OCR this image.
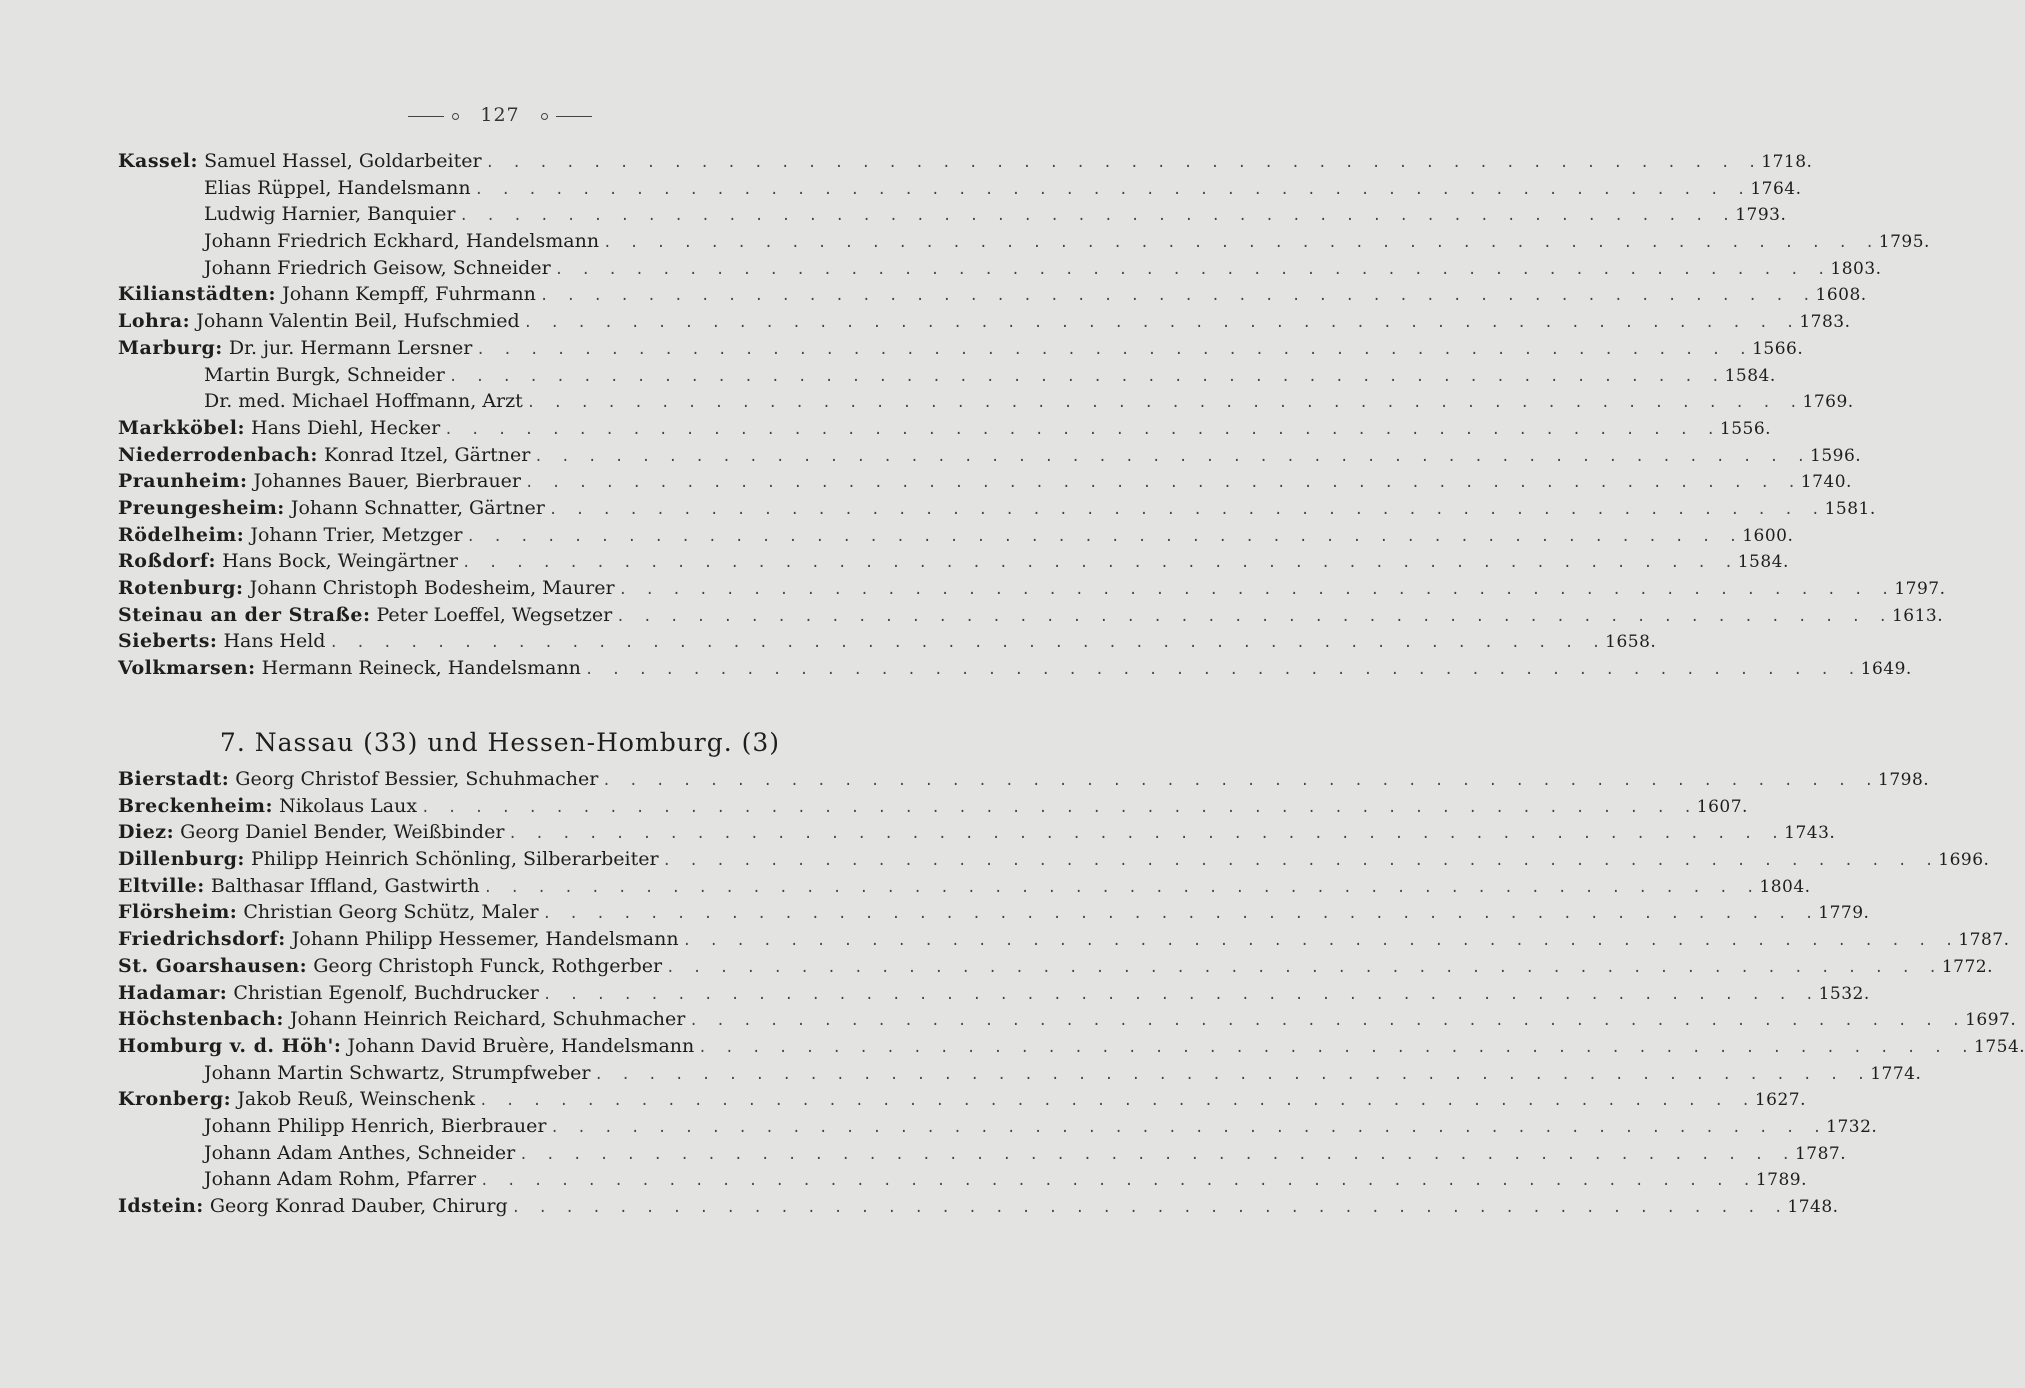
127
Kassel:
Samuel Hassel, Goldarbeiter . . . . . . . . . . . . . . . . . . . . . . . . . . . . . . . . . . . . . . . . . . . . . . . . 1718.
Elias Rüppel, Handelsmann . . . . . . . . . . . . . . . . . . . . . . . . . . . . . . . . . . . . . . . . . . . . . . . . 1764.
Ludwig Harnier, Banquier . . . . . . . . . . . . . . . . . . . . . . . . . . . . . . . . . . . . . . . . . . . . . . . . 1793.
Johann Friedrich Eckhard, Handelsmann . . . . . . . . . . . . . . . . . . . . . . . . . . . . . . . . . . . . . . . . . . . . . . . . 1795.
Johann Friedrich Geisow, Schneider . . . . . . . . . . . . . . . . . . . . . . . . . . . . . . . . . . . . . . . . . . . . . . . . 1803.
Kilianstädten:
Johann Kempff, Fuhrmann . . . . . . . . . . . . . . . . . . . . . . . . . . . . . . . . . . . . . . . . . . . . . . . . 1608.
Lohra:
Johann Valentin Beil, Hufschmied . . . . . . . . . . . . . . . . . . . . . . . . . . . . . . . . . . . . . . . . . . . . . . . . 1783.
Marburg:
Dr. jur. Hermann Lersner . . . . . . . . . . . . . . . . . . . . . . . . . . . . . . . . . . . . . . . . . . . . . . . . 1566.
Martin Burgk, Schneider . . . . . . . . . . . . . . . . . . . . . . . . . . . . . . . . . . . . . . . . . . . . . . . . 1584.
Dr. med. Michael Hoffmann, Arzt . . . . . . . . . . . . . . . . . . . . . . . . . . . . . . . . . . . . . . . . . . . . . . . . 1769.
Markköbel:
Hans Diehl, Hecker . . . . . . . . . . . . . . . . . . . . . . . . . . . . . . . . . . . . . . . . . . . . . . . . 1556.
Niederrodenbach:
Konrad Itzel, Gärtner . . . . . . . . . . . . . . . . . . . . . . . . . . . . . . . . . . . . . . . . . . . . . . . . 1596.
Praunheim:
Johannes Bauer, Bierbrauer . . . . . . . . . . . . . . . . . . . . . . . . . . . . . . . . . . . . . . . . . . . . . . . . 1740.
Preungesheim:
Johann Schnatter, Gärtner . . . . . . . . . . . . . . . . . . . . . . . . . . . . . . . . . . . . . . . . . . . . . . . . 1581.
Rödelheim:
Johann Trier, Metzger . . . . . . . . . . . . . . . . . . . . . . . . . . . . . . . . . . . . . . . . . . . . . . . . 1600.
Roßdorf:
Hans Bock, Weingärtner . . . . . . . . . . . . . . . . . . . . . . . . . . . . . . . . . . . . . . . . . . . . . . . . 1584.
Rotenburg:
Johann Christoph Bodesheim, Maurer . . . . . . . . . . . . . . . . . . . . . . . . . . . . . . . . . . . . . . . . . . . . . . . . 1797.
Steinau an der Straße:
Peter Loeffel, Wegsetzer . . . . . . . . . . . . . . . . . . . . . . . . . . . . . . . . . . . . . . . . . . . . . . . . 1613.
Sieberts:
Hans Held . . . . . . . . . . . . . . . . . . . . . . . . . . . . . . . . . . . . . . . . . . . . . . . . 1658.
Volkmarsen:
Hermann Reineck, Handelsmann . . . . . . . . . . . . . . . . . . . . . . . . . . . . . . . . . . . . . . . . . . . . . . . . 1649.
7. Nassau (33) und Hessen-Homburg. (3)
Bierstadt:
Georg Christof Bessier, Schuhmacher . . . . . . . . . . . . . . . . . . . . . . . . . . . . . . . . . . . . . . . . . . . . . . . . 1798.
Breckenheim:
Nikolaus Laux . . . . . . . . . . . . . . . . . . . . . . . . . . . . . . . . . . . . . . . . . . . . . . . . 1607.
Diez:
Georg Daniel Bender, Weißbinder . . . . . . . . . . . . . . . . . . . . . . . . . . . . . . . . . . . . . . . . . . . . . . . . 1743.
Dillenburg:
Philipp Heinrich Schönling, Silberarbeiter . . . . . . . . . . . . . . . . . . . . . . . . . . . . . . . . . . . . . . . . . . . . . . . . 1696.
Eltville:
Balthasar Iffland, Gastwirth . . . . . . . . . . . . . . . . . . . . . . . . . . . . . . . . . . . . . . . . . . . . . . . . 1804.
Flörsheim:
Christian Georg Schütz, Maler . . . . . . . . . . . . . . . . . . . . . . . . . . . . . . . . . . . . . . . . . . . . . . . . 1779.
Friedrichsdorf:
Johann Philipp Hessemer, Handelsmann . . . . . . . . . . . . . . . . . . . . . . . . . . . . . . . . . . . . . . . . . . . . . . . . 1787.
St. Goarshausen:
Georg Christoph Funck, Rothgerber . . . . . . . . . . . . . . . . . . . . . . . . . . . . . . . . . . . . . . . . . . . . . . . . 1772.
Hadamar:
Christian Egenolf, Buchdrucker . . . . . . . . . . . . . . . . . . . . . . . . . . . . . . . . . . . . . . . . . . . . . . . . 1532.
Höchstenbach:
Johann Heinrich Reichard, Schuhmacher . . . . . . . . . . . . . . . . . . . . . . . . . . . . . . . . . . . . . . . . . . . . . . . . 1697.
Homburg v. d. Höh':
Johann David Bruère, Handelsmann . . . . . . . . . . . . . . . . . . . . . . . . . . . . . . . . . . . . . . . . . . . . . . . . 1754.
Johann Martin Schwartz, Strumpfweber . . . . . . . . . . . . . . . . . . . . . . . . . . . . . . . . . . . . . . . . . . . . . . . . 1774.
Kronberg:
Jakob Reuß, Weinschenk . . . . . . . . . . . . . . . . . . . . . . . . . . . . . . . . . . . . . . . . . . . . . . . . 1627.
Johann Philipp Henrich, Bierbrauer . . . . . . . . . . . . . . . . . . . . . . . . . . . . . . . . . . . . . . . . . . . . . . . . 1732.
Johann Adam Anthes, Schneider . . . . . . . . . . . . . . . . . . . . . . . . . . . . . . . . . . . . . . . . . . . . . . . . 1787.
Johann Adam Rohm, Pfarrer . . . . . . . . . . . . . . . . . . . . . . . . . . . . . . . . . . . . . . . . . . . . . . . . 1789.
Idstein:
Georg Konrad Dauber, Chirurg . . . . . . . . . . . . . . . . . . . . . . . . . . . . . . . . . . . . . . . . . . . . . . . . 1748.
